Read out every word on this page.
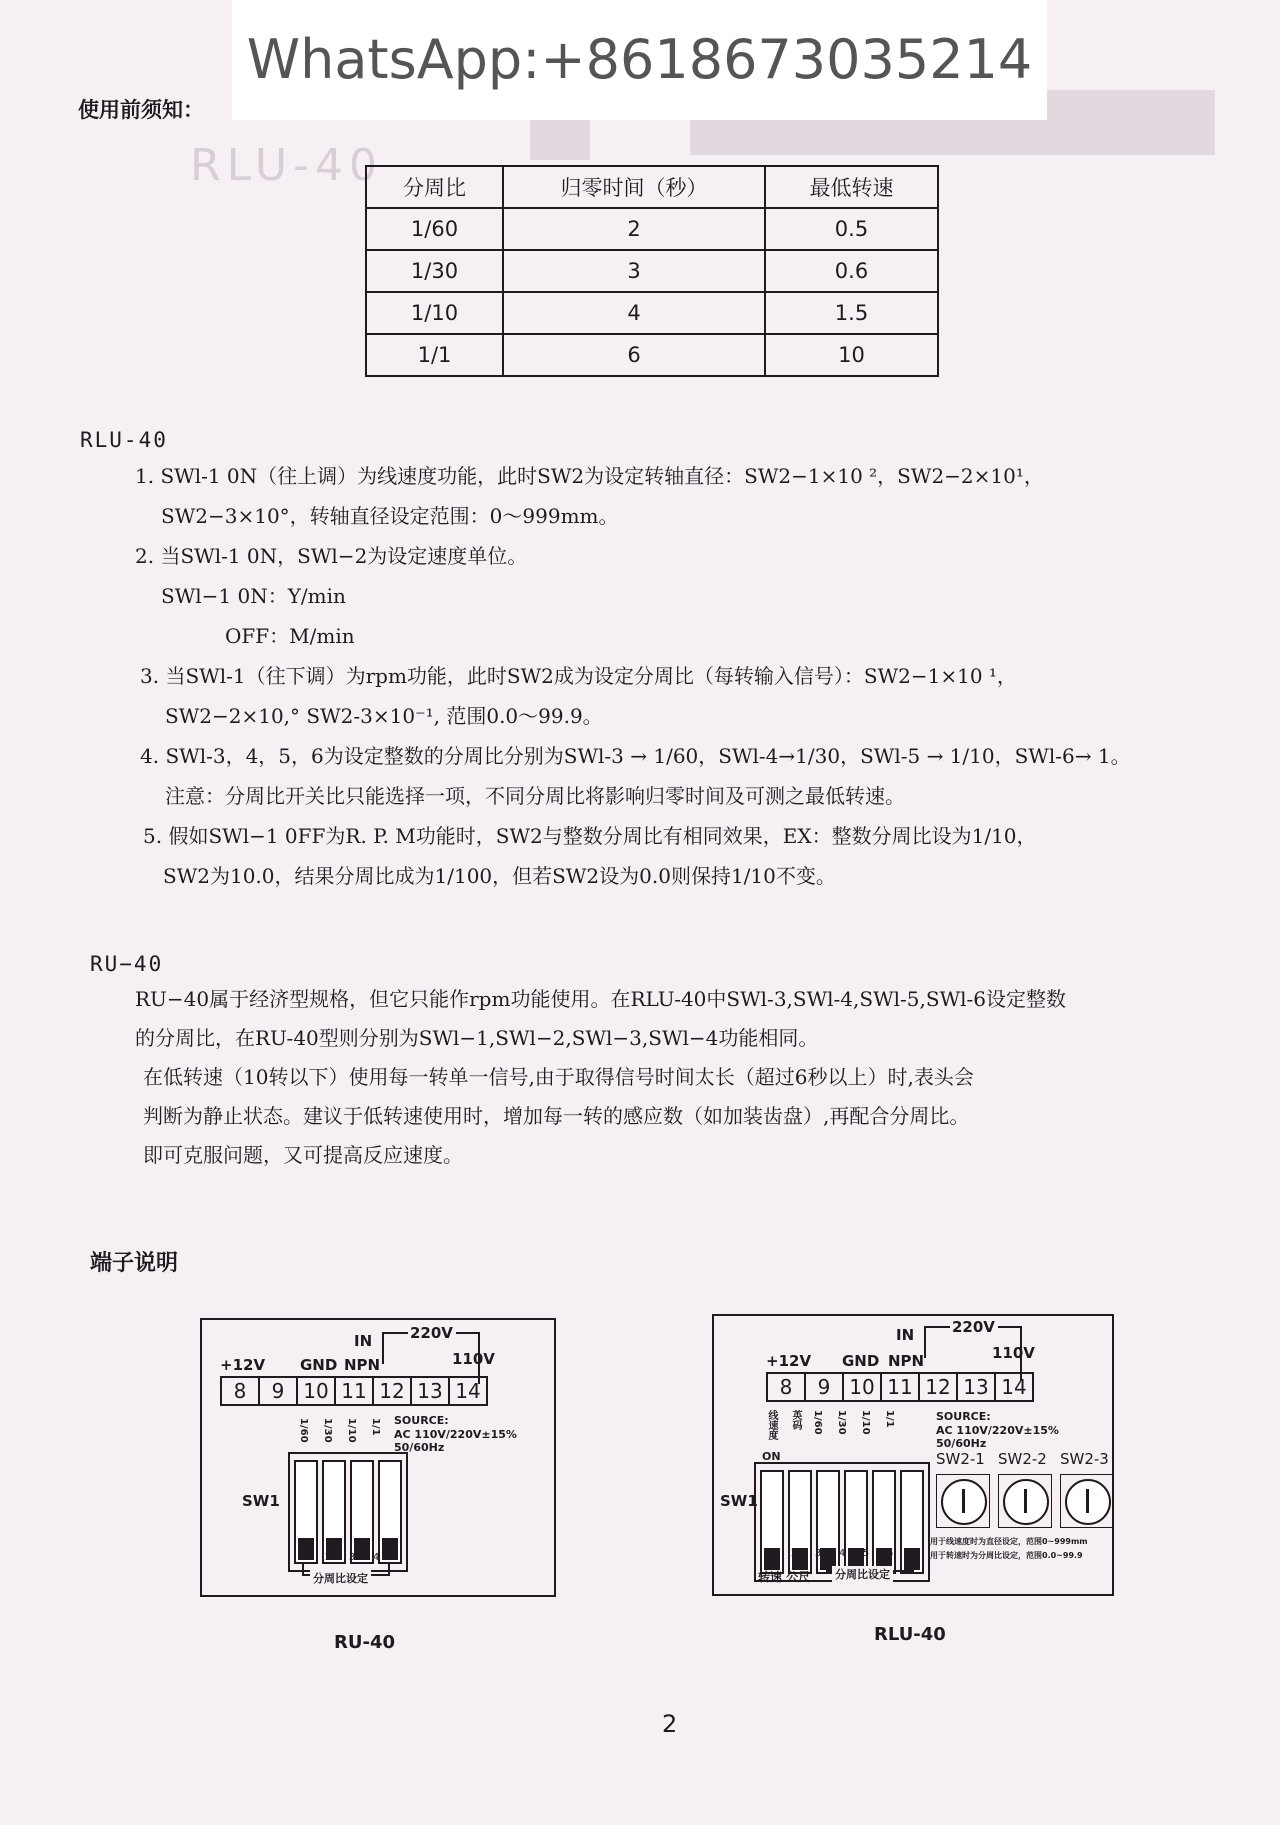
RLU-40
WhatsApp:+8618673035214
使用前须知：
分周比	归零时间（秒）	最低转速
1/60	2	0.5
1/30	3	0.6
1/10	4	1.5
1/1	6	10
RLU-40

1. SWl-1 0N（往上调）为线速度功能，此时SW2为设定转轴直径：SW2−1×10 ²，SW2−2×10¹，

SW2−3×10°，转轴直径设定范围：0～999mm。

2. 当SWl-1 0N，SWl−2为设定速度单位。

SWl−1 0N：Y/min

OFF：M/min

3. 当SWl-1（往下调）为rpm功能，此时SW2成为设定分周比（每转输入信号）：SW2−1×10 ¹，

SW2−2×10,° SW2-3×10⁻¹, 范围0.0～99.9。

4. SWl-3，4，5，6为设定整数的分周比分别为SWl-3 → 1/60，SWl-4→1/30，SWl-5 → 1/10，SWl-6→ 1。

注意：分周比开关比只能选择一项，不同分周比将影响归零时间及可测之最低转速。

5. 假如SWl−1 0FF为R. P. M功能时，SW2与整数分周比有相同效果，EX：整数分周比设为1/10，

SW2为10.0，结果分周比成为1/100，但若SW2设为0.0则保持1/10不变。

RU−40

RU−40属于经济型规格，但它只能作rpm功能使用。在RLU-40中SWl-3,SWl-4,SWl-5,SWl-6设定整数

的分周比，在RU-40型则分别为SWl−1,SWl−2,SWl−3,SWl−4功能相同。

在低转速（10转以下）使用每一转单一信号,由于取得信号时间太长（超过6秒以上）时,表头会

判断为静止状态。建议于低转速使用时，增加每一转的感应数（如加装齿盘）,再配合分周比。

即可克服问题，又可提高反应速度。

端子说明
IN	220V
110V
+12V GND NPN
8	9 10 11 12 13 14
1/60 1/30 1/10 1/1 SOURCE:
AC 110V/220V±15% 50/60Hz
1	2	3	4
SW1
分周比设定
RU-40
IN	220V
110V
+12V GND NPN
8	9 10 11 12 13 14
线速度 英码 1/60 1/30 1/10 1/1
ON
SOURCE:
AC 110V/220V±15% 50/60Hz
1	2	3	4	5	6
SW1
转速 公尺 分周比设定
SW2-1 SW2-2 SW2-3
用于线速度时为直径设定，范围0~999mm
用于转速时为分周比设定，范围0.0~99.9
RLU-40
2
